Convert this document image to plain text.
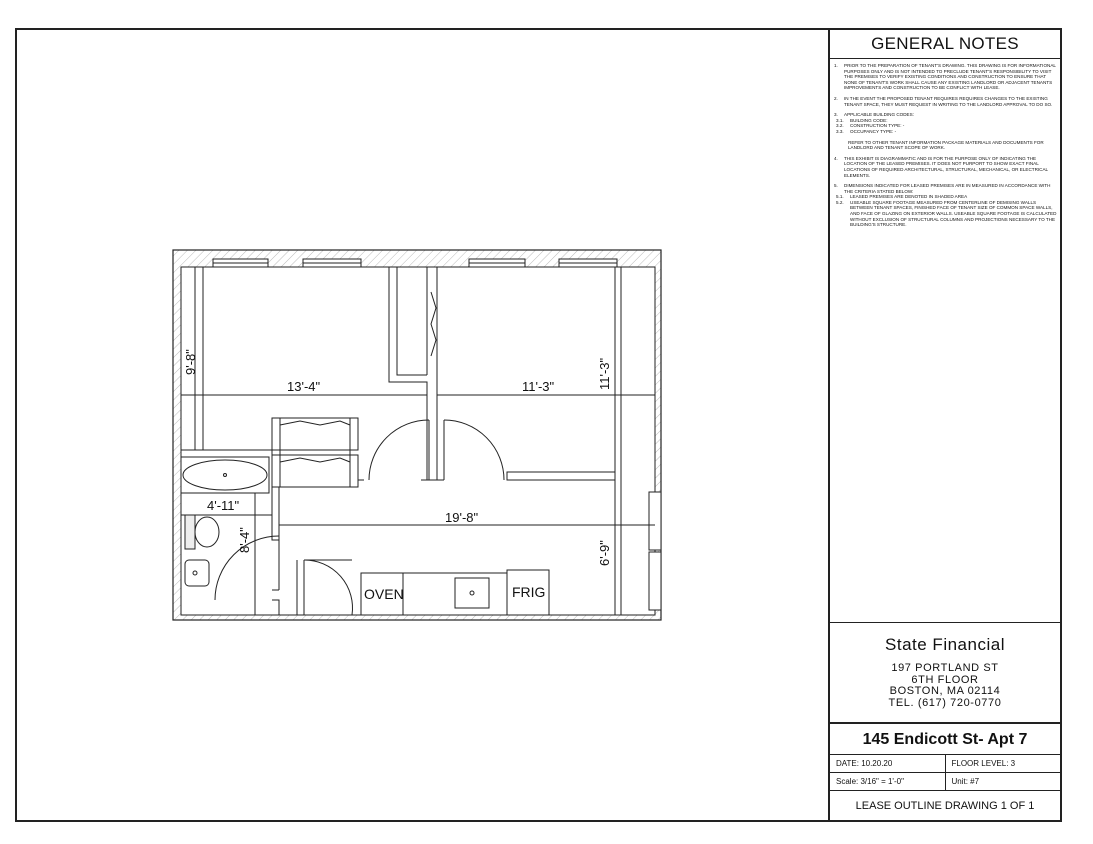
9'-8"
13'-4"	11'-3"	11'-3"
4'-11"
19'-8"
8'-4"
6'-9"
OVEN	FRIG
GENERAL NOTES
1.	PRIOR TO THE PREPARATION OF TENANT'S DRAWING. THIS DRAWING IS FOR INFORMATIONAL PURPOSES ONLY AND IS NOT INTENDED TO PRECLUDE TENANT'S RESPONSIBILITY TO VISIT THE PREMISES TO VERIFY EXISTING CONDITIONS AND CONSTRUCTION TO ENSURE THAT NONE OF TENANT'S WORK SHALL CAUSE ANY EXISTING LANDLORD OR ADJACENT TENANTS IMPROVEMENTS AND CONSTRUCTION TO BE CONFLICT WITH LEASE.
2.	IN THE EVENT THE PROPOSED TENANT REQUIRES REQUIRES CHANGES TO THE EXISTING TENANT SPACE, THEY MUST REQUEST IN WRITING TO THE LANDLORD APPROVAL TO DO SO.
3.	APPLICABLE BUILDING CODES:
3.1.	BUILDING CODE:
3.2.	CONSTRUCTION TYPE: -
3.3.	OCCUPANCY TYPE: -
REFER TO OTHER TENANT INFORMATION PACKAGE MATERIALS AND DOCUMENTS FOR LANDLORD AND TENANT SCOPE OF WORK.
4.	THIS EXHIBIT IS DIAGRAMMATIC AND IS FOR THE PURPOSE ONLY OF INDICATING THE LOCATION OF THE LEASED PREMISES. IT DOES NOT PURPORT TO SHOW EXACT FINAL LOCATIONS OF REQUIRED ARCHITECTURAL, STRUCTURAL, MECHANICAL, OR ELECTRICAL ELEMENTS.
5.	DIMENSIONS INDICATED FOR LEASED PREMISES ARE IN MEASURED IN ACCORDANCE WITH THE CRITERIA STATED BELOW:
5.1.	LEASED PREMISES ARE DENOTED IN SHADED AREA
5.2.	USEABLE SQUARE FOOTAGE MEASURED FROM CENTERLINE OF DEMISING WALLS BETWEEN TENANT SPACES, FINISHED FACE OF TENANT SIZE OF COMMON SPACE WALLS, AND FACE OF GLAZING ON EXTERIOR WALLS. USEABLE SQUARE FOOTAGE IS CALCULATED WITHOUT EXCLUSION OF STRUCTURAL COLUMNS AND PROJECTIONS NECESSARY TO THE BUILDING'S STRUCTURE.
State Financial
197 PORTLAND ST
6TH FLOOR
BOSTON, MA 02114
TEL. (617) 720-0770
145 Endicott St- Apt 7
DATE: 10.20.20	FLOOR LEVEL: 3
Scale: 3/16" = 1'-0"	Unit: #7
LEASE OUTLINE DRAWING 1 OF 1
